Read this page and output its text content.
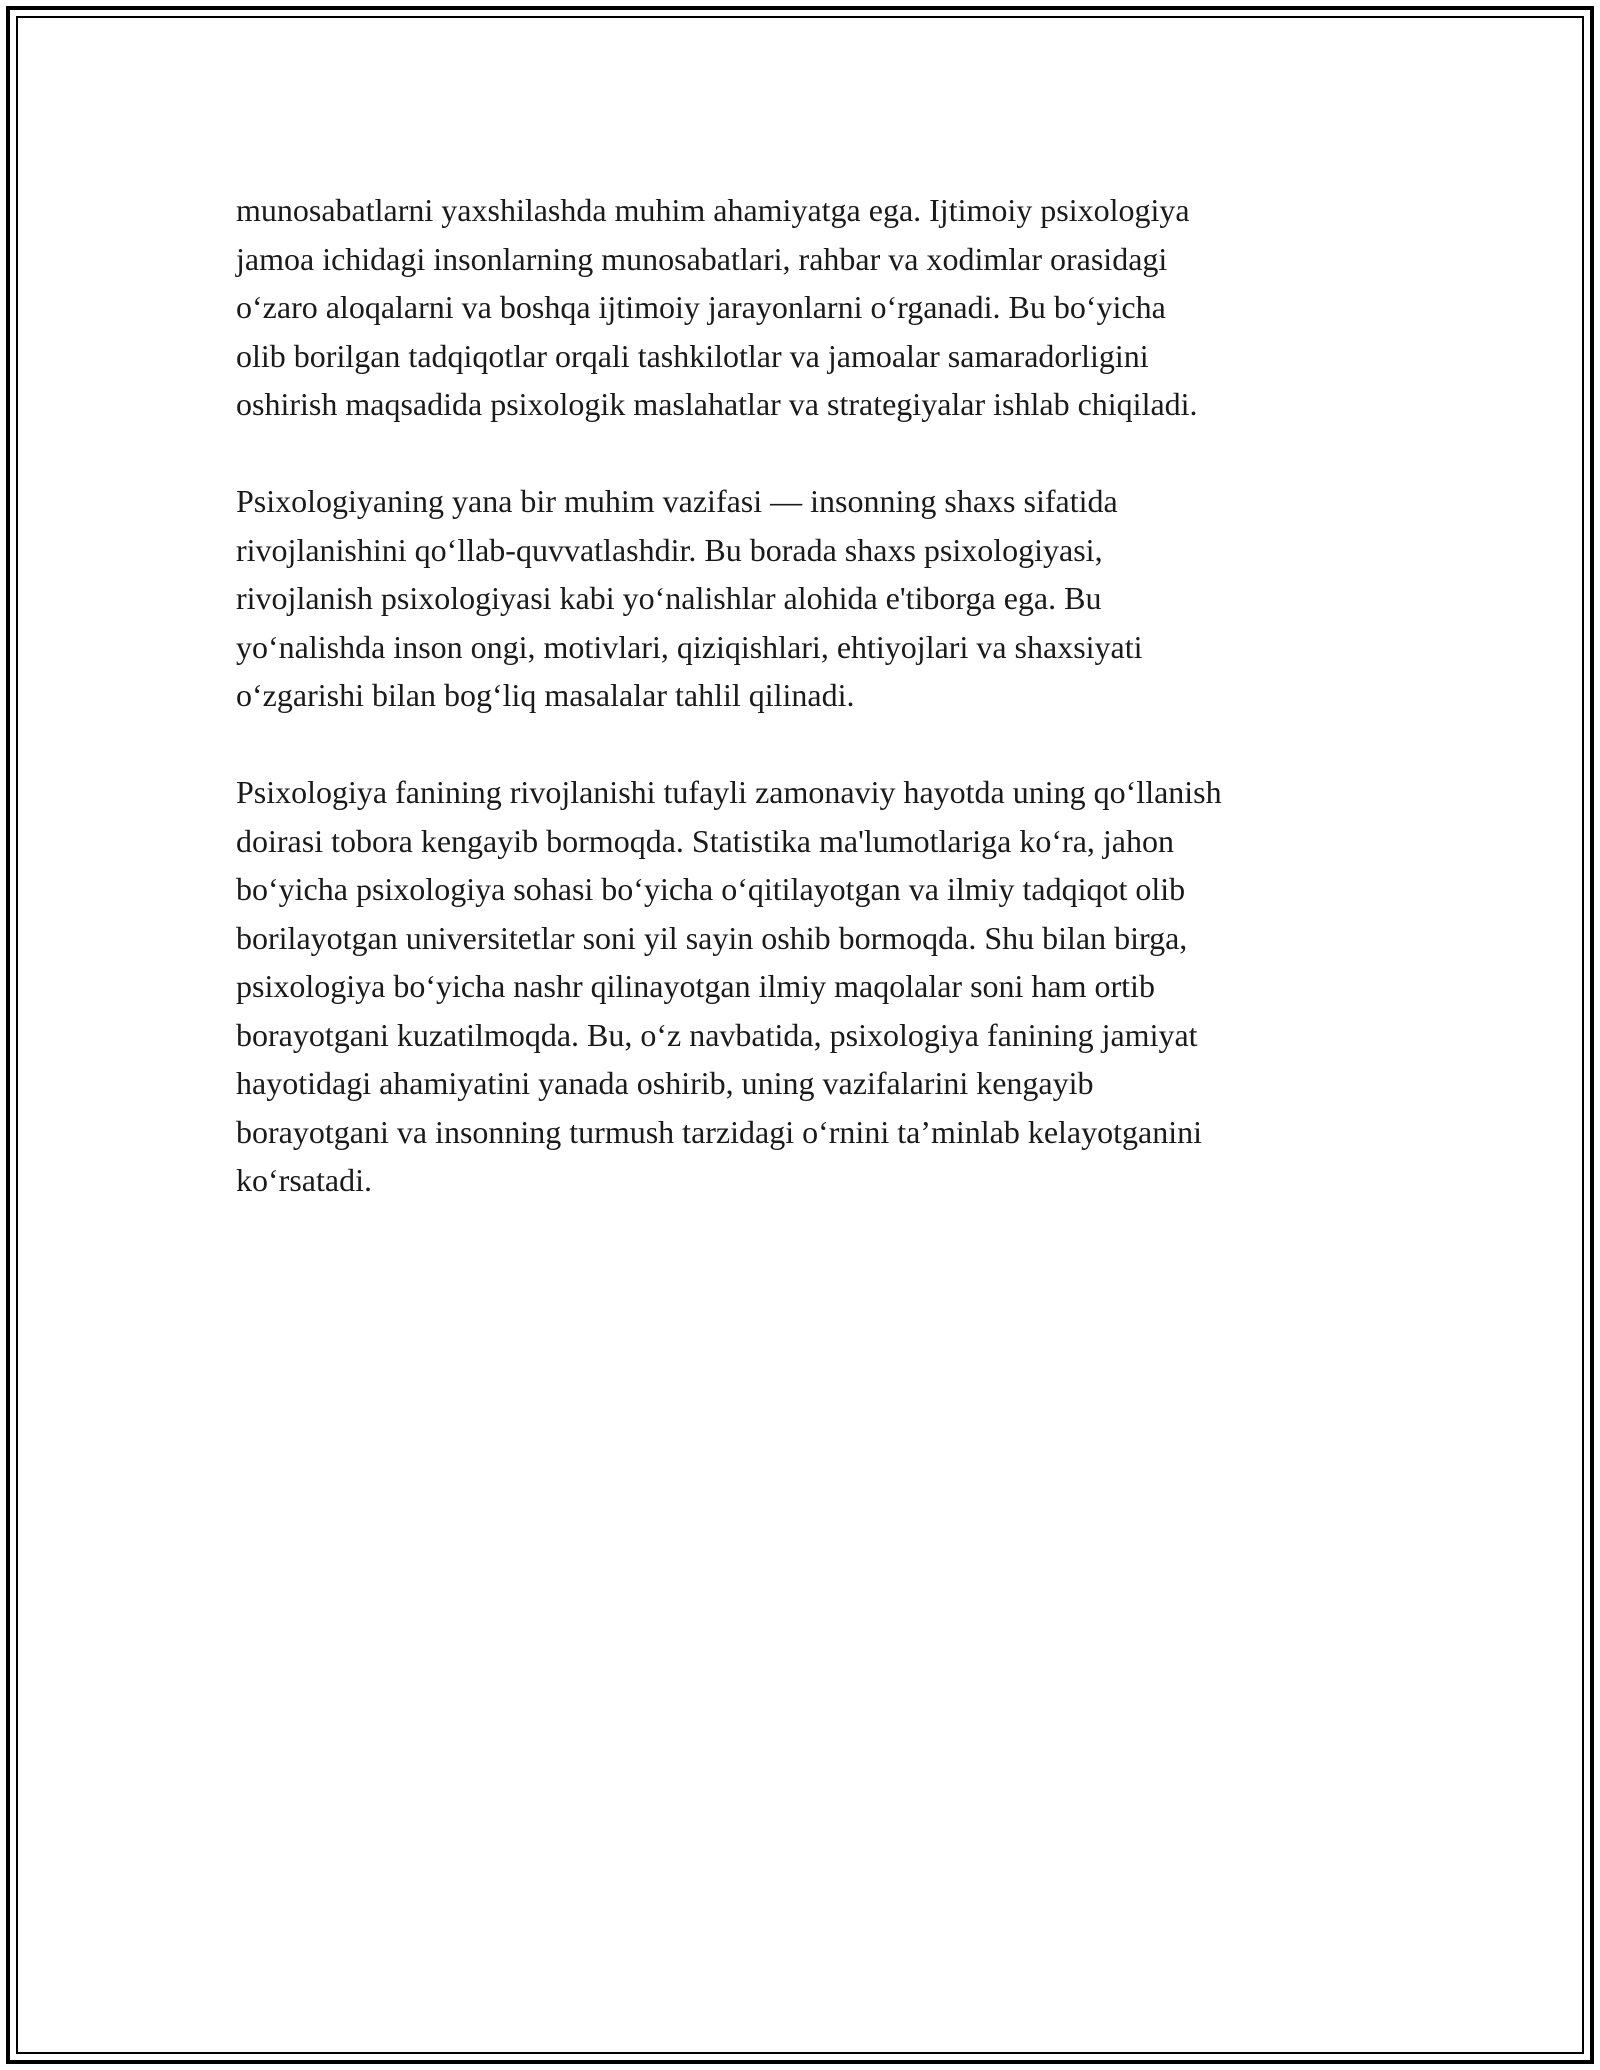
munosabatlarni yaxshilashda muhim ahamiyatga ega. Ijtimoiy psixologiya
jamoa ichidagi insonlarning munosabatlari, rahbar va xodimlar orasidagi
o‘zaro aloqalarni va boshqa ijtimoiy jarayonlarni o‘rganadi. Bu bo‘yicha
olib borilgan tadqiqotlar orqali tashkilotlar va jamoalar samaradorligini
oshirish maqsadida psixologik maslahatlar va strategiyalar ishlab chiqiladi.

Psixologiyaning yana bir muhim vazifasi — insonning shaxs sifatida
rivojlanishini qo‘llab-quvvatlashdir. Bu borada shaxs psixologiyasi,
rivojlanish psixologiyasi kabi yo‘nalishlar alohida e'tiborga ega. Bu
yo‘nalishda inson ongi, motivlari, qiziqishlari, ehtiyojlari va shaxsiyati
o‘zgarishi bilan bog‘liq masalalar tahlil qilinadi.

Psixologiya fanining rivojlanishi tufayli zamonaviy hayotda uning qo‘llanish
doirasi tobora kengayib bormoqda. Statistika ma'lumotlariga ko‘ra, jahon
bo‘yicha psixologiya sohasi bo‘yicha o‘qitilayotgan va ilmiy tadqiqot olib
borilayotgan universitetlar soni yil sayin oshib bormoqda. Shu bilan birga,
psixologiya bo‘yicha nashr qilinayotgan ilmiy maqolalar soni ham ortib
borayotgani kuzatilmoqda. Bu, o‘z navbatida, psixologiya fanining jamiyat
hayotidagi ahamiyatini yanada oshirib, uning vazifalarini kengayib
borayotgani va insonning turmush tarzidagi o‘rnini ta’minlab kelayotganini
ko‘rsatadi.
